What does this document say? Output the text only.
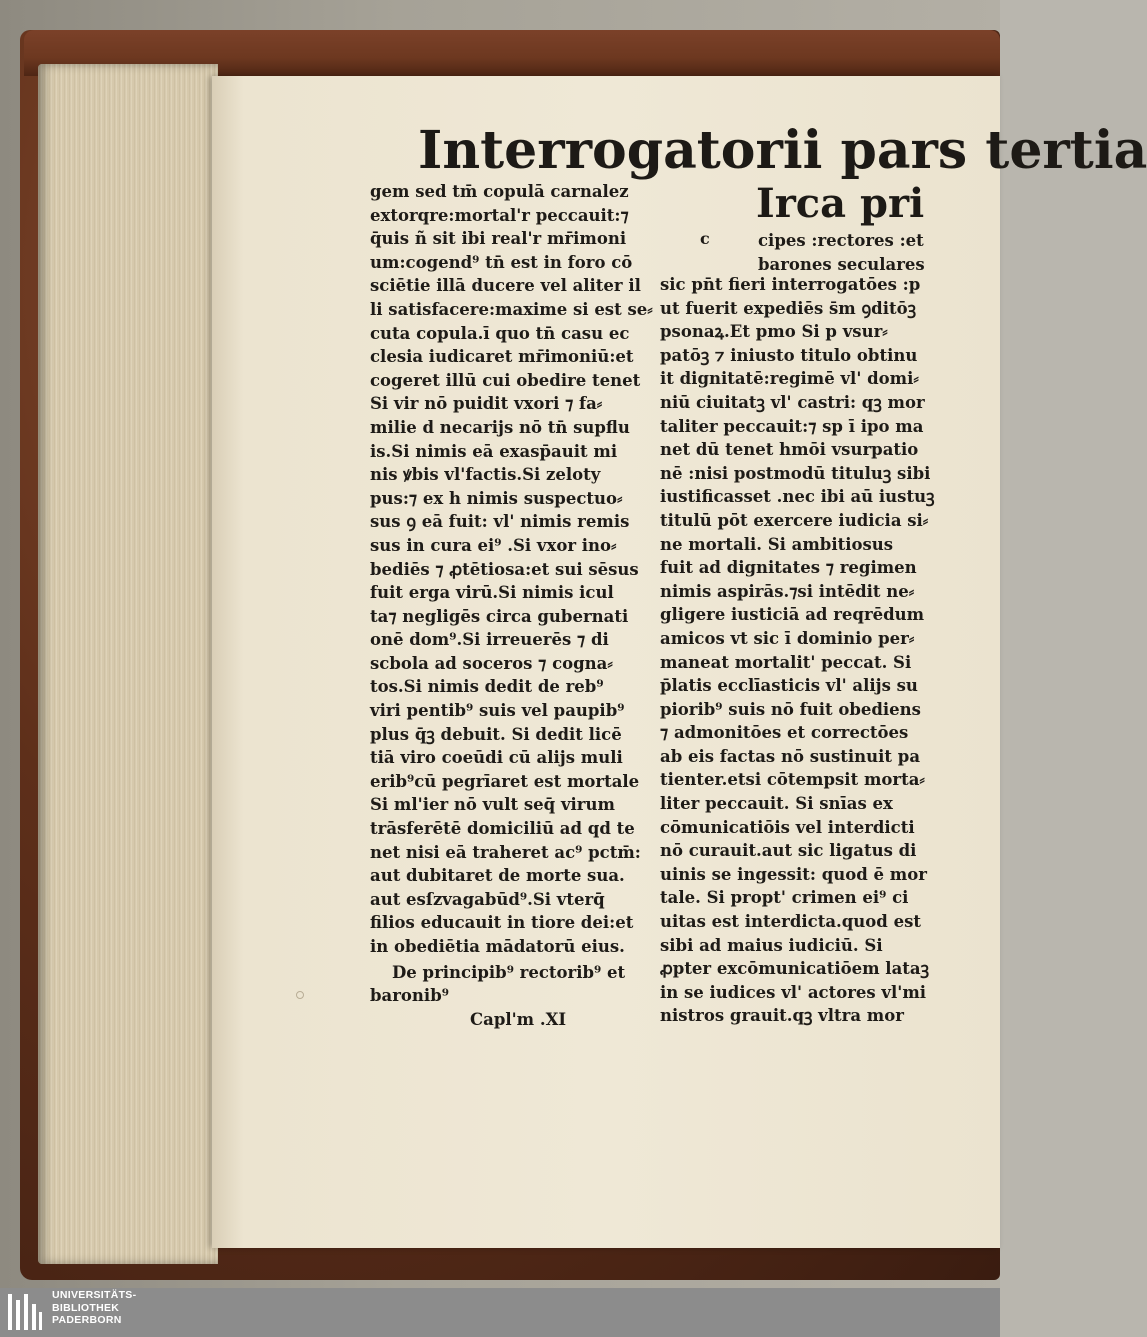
Interrogatorii pars tertia
Irca pri
c	cipes :rectores :et
barones seculares
gem sed tm̄ copulā carnalez
extorqre:mortal'r peccauit:⁊
q̄uis ñ sit ibi real'r mr̄imoni
um:cogend⁹ tn̄ est in foro cō
sciētie illā ducere vel aliter il
li satisfacere:maxime si est se⸗
cuta copula.ī quo tn̄ casu ec
clesia iudicaret mr̄imoniū:et
cogeret illū cui obedire tenet
Si vir nō puidit vxori ⁊ fa⸗
milie d necarijs nō tn̄ supflu
is.Si nimis eā exasp̄auit mi
nis ꝟbis vl'factis.Si zeloty
pus:⁊ ex h nimis suspectuo⸗
sus ꝯ eā fuit: vl' nimis remis
sus in cura ei⁹ .Si vxor ino⸗
bediēs ⁊ ꝓtētiosa:et sui sēsus
fuit erga virū.Si nimis icul
ta⁊ negligēs circa gubernati
onē dom⁹.Si irreuerēs ⁊ di
scbola ad soceros ⁊ cogna⸗
tos.Si nimis dedit de reb⁹
viri pentib⁹ suis vel paupib⁹
plus q̄ꝫ debuit. Si dedit licē
tiā viro coeūdi cū alijs muli
erib⁹cū pegrīaret est mortale
Si ml'ier nō vult seq̄ virum
trāsferētē domiciliū ad qd te
net nisi eā traheret ac⁹ pctm̄:
aut dubitaret de morte sua.
aut esſzvagabūd⁹.Si vterq̄
filios educauit in tiore dei:et
in obediētia mādatorū eius.
De principib⁹ rectorib⁹ et
baronib⁹
Capl'm .XI
sic pn̄t fieri interrogatōes :p
ut fuerit expediēs s̄m ꝯditōꝫ
psonaꝝ.Et pmo Si p vsur⸗
patōꝫ ⁊ iniusto titulo obtinu
it dignitatē:regimē vl' domi⸗
niū ciuitatꝫ vl' castri: qꝫ mor
taliter peccauit:⁊ sp ī ipo ma
net dū tenet hmōi vsurpatio
nē :nisi postmodū tituluꝫ sibi
iustificasset .nec ibi aū iustuꝫ
titulū pōt exercere iudicia si⸗
ne mortali. Si ambitiosus
fuit ad dignitates ⁊ regimen
nimis aspirās.⁊si intēdit ne⸗
gligere iusticiā ad reqrēdum
amicos vt sic ī dominio per⸗
maneat mortalit' peccat. Si
p̄latis ecclīasticis vl' alijs su
piorib⁹ suis nō fuit obediens
⁊ admonitōes et correctōes
ab eis factas nō sustinuit pa
tienter.etsi cōtempsit morta⸗
liter peccauit. Si snīas ex
cōmunicatiōis vel interdicti
nō curauit.aut sic ligatus di
uinis se ingessit: quod ē mor
tale. Si propt' crimen ei⁹ ci
uitas est interdicta.quod est
sibi ad maius iudiciū. Si
ꝓpter excōmunicatiōem lataꝫ
in se iudices vl' actores vl'mi
nistros grauit.qꝫ vltra mor
UNIVERSITÄTS-
BIBLIOTHEK
PADERBORN
